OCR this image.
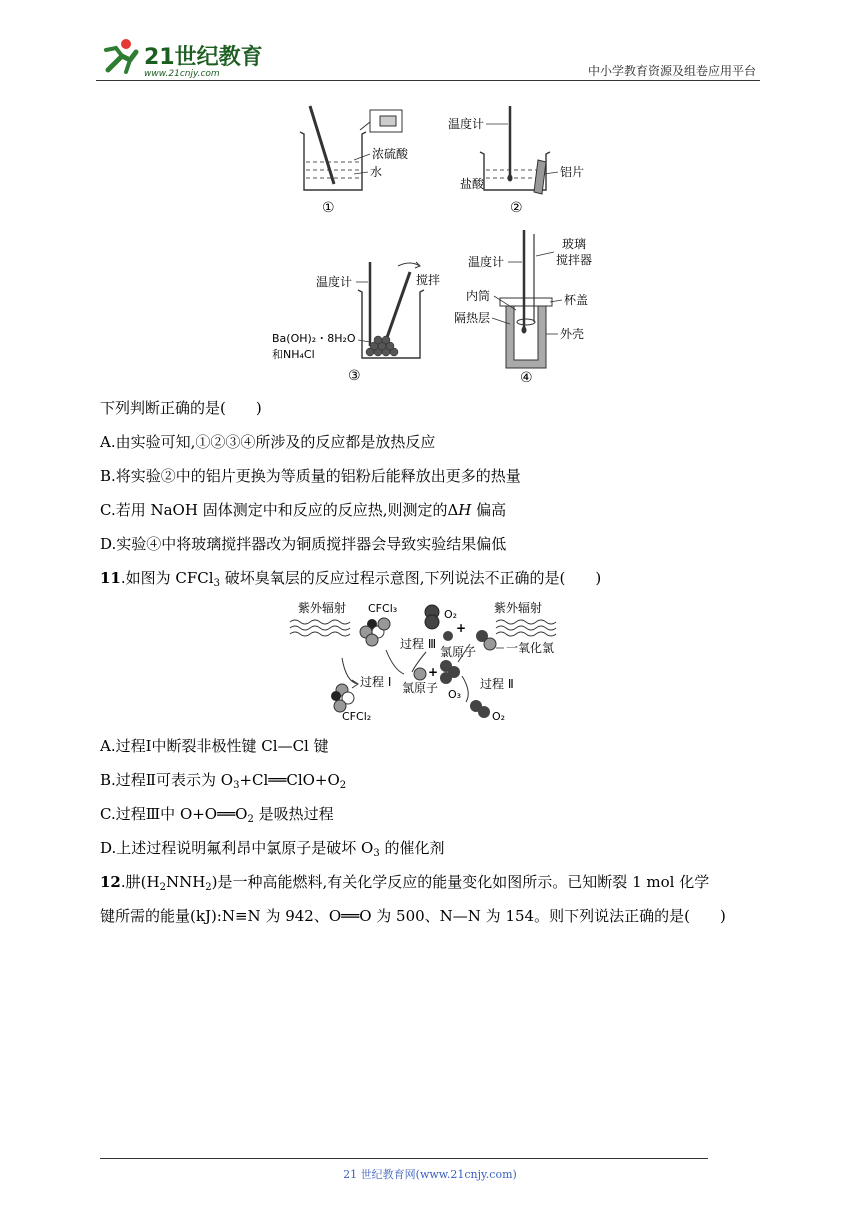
21世纪教育
www.21cnjy.com	中小学教育资源及组卷应用平台
浓硫酸
水
①
温度计
盐酸
铝片
②
温度计	搅拌
Ba(OH)₂・8H₂O
和NH₄Cl
③
温度计
玻璃
搅拌器
内筒	杯盖
隔热层
外壳
④
下列判断正确的是(　　)
A.由实验可知,①②③④所涉及的反应都是放热反应
B.将实验②中的铝片更换为等质量的铝粉后能释放出更多的热量
C.若用 NaOH 固体测定中和反应的反应热,则测定的ΔH 偏高
D.实验④中将玻璃搅拌器改为铜质搅拌器会导致实验结果偏低
11.如图为 CFCl$_3$ 破坏臭氧层的反应过程示意图,下列说法不正确的是(　　)
紫外辐射 CFCl₃	O₂
+
过程 Ⅲ
氯原子
紫外辐射
一氧化氯
过程 Ⅰ
CFCl₂
+
氯原子 O₃
过程 Ⅱ
O₂
A.过程Ⅰ中断裂非极性键 Cl—Cl 键
B.过程Ⅱ可表示为 $O_3+Cl══ClO+O_2$
C.过程Ⅲ中 $O+O══O_2$ 是吸热过程
D.上述过程说明氟利昂中氯原子是破坏 $O_3$ 的催化剂
12.肼$(H_2NNH_2)$是一种高能燃料,有关化学反应的能量变化如图所示。已知断裂 1 mol 化学
键所需的能量(kJ):N≡N 为 942、O══O 为 500、N—N 为 154。则下列说法正确的是(　　)
21 世纪教育网(www.21cnjy.com)
